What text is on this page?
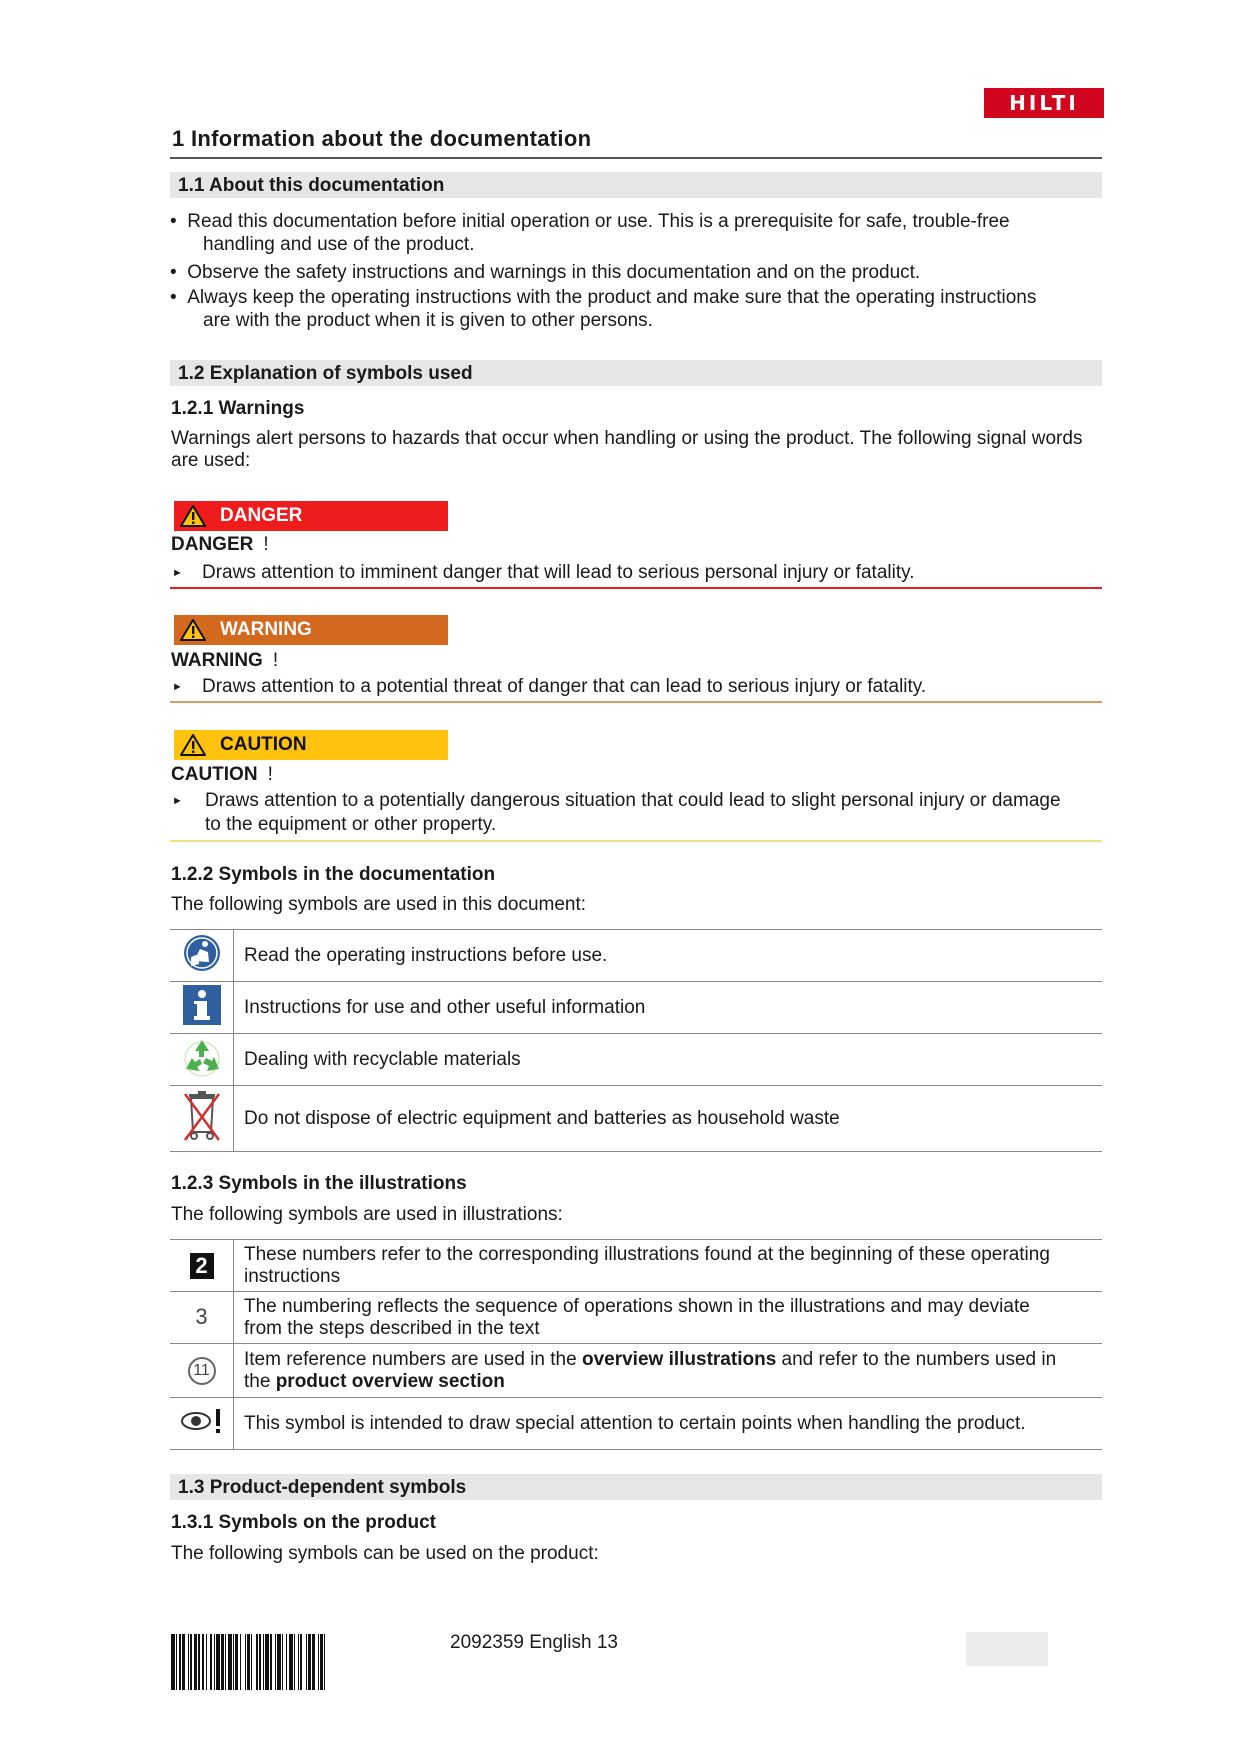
HILTI
1 Information about the documentation
1.1 About this documentation
•  Read this documentation before initial operation or use. This is a prerequisite for safe, trouble-free
handling and use of the product.
•  Observe the safety instructions and warnings in this documentation and on the product.
•  Always keep the operating instructions with the product and make sure that the operating instructions
are with the product when it is given to other persons.
1.2 Explanation of symbols used
1.2.1 Warnings
Warnings alert persons to hazards that occur when handling or using the product. The following signal words
are used:
DANGER
DANGER !
► Draws attention to imminent danger that will lead to serious personal injury or fatality.
WARNING
WARNING !
► Draws attention to a potential threat of danger that can lead to serious injury or fatality.
CAUTION
CAUTION !
► Draws attention to a potentially dangerous situation that could lead to slight personal injury or damage
to the equipment or other property.
1.2.2 Symbols in the documentation
The following symbols are used in this document:
	Read the operating instructions before use.
	Instructions for use and other useful information
	Dealing with recyclable materials
	Do not dispose of electric equipment and batteries as household waste
1.2.3 Symbols in the illustrations
The following symbols are used in illustrations:
2	These numbers refer to the corresponding illustrations found at the beginning of these operating
instructions

3	The numbering reflects the sequence of operations shown in the illustrations and may deviate
from the steps described in the text

11	Item reference numbers are used in the overview illustrations and refer to the numbers used in
the product overview section

	This symbol is intended to draw special attention to certain points when handling the product.
1.3 Product-dependent symbols
1.3.1 Symbols on the product
The following symbols can be used on the product:
2092359 English 13
